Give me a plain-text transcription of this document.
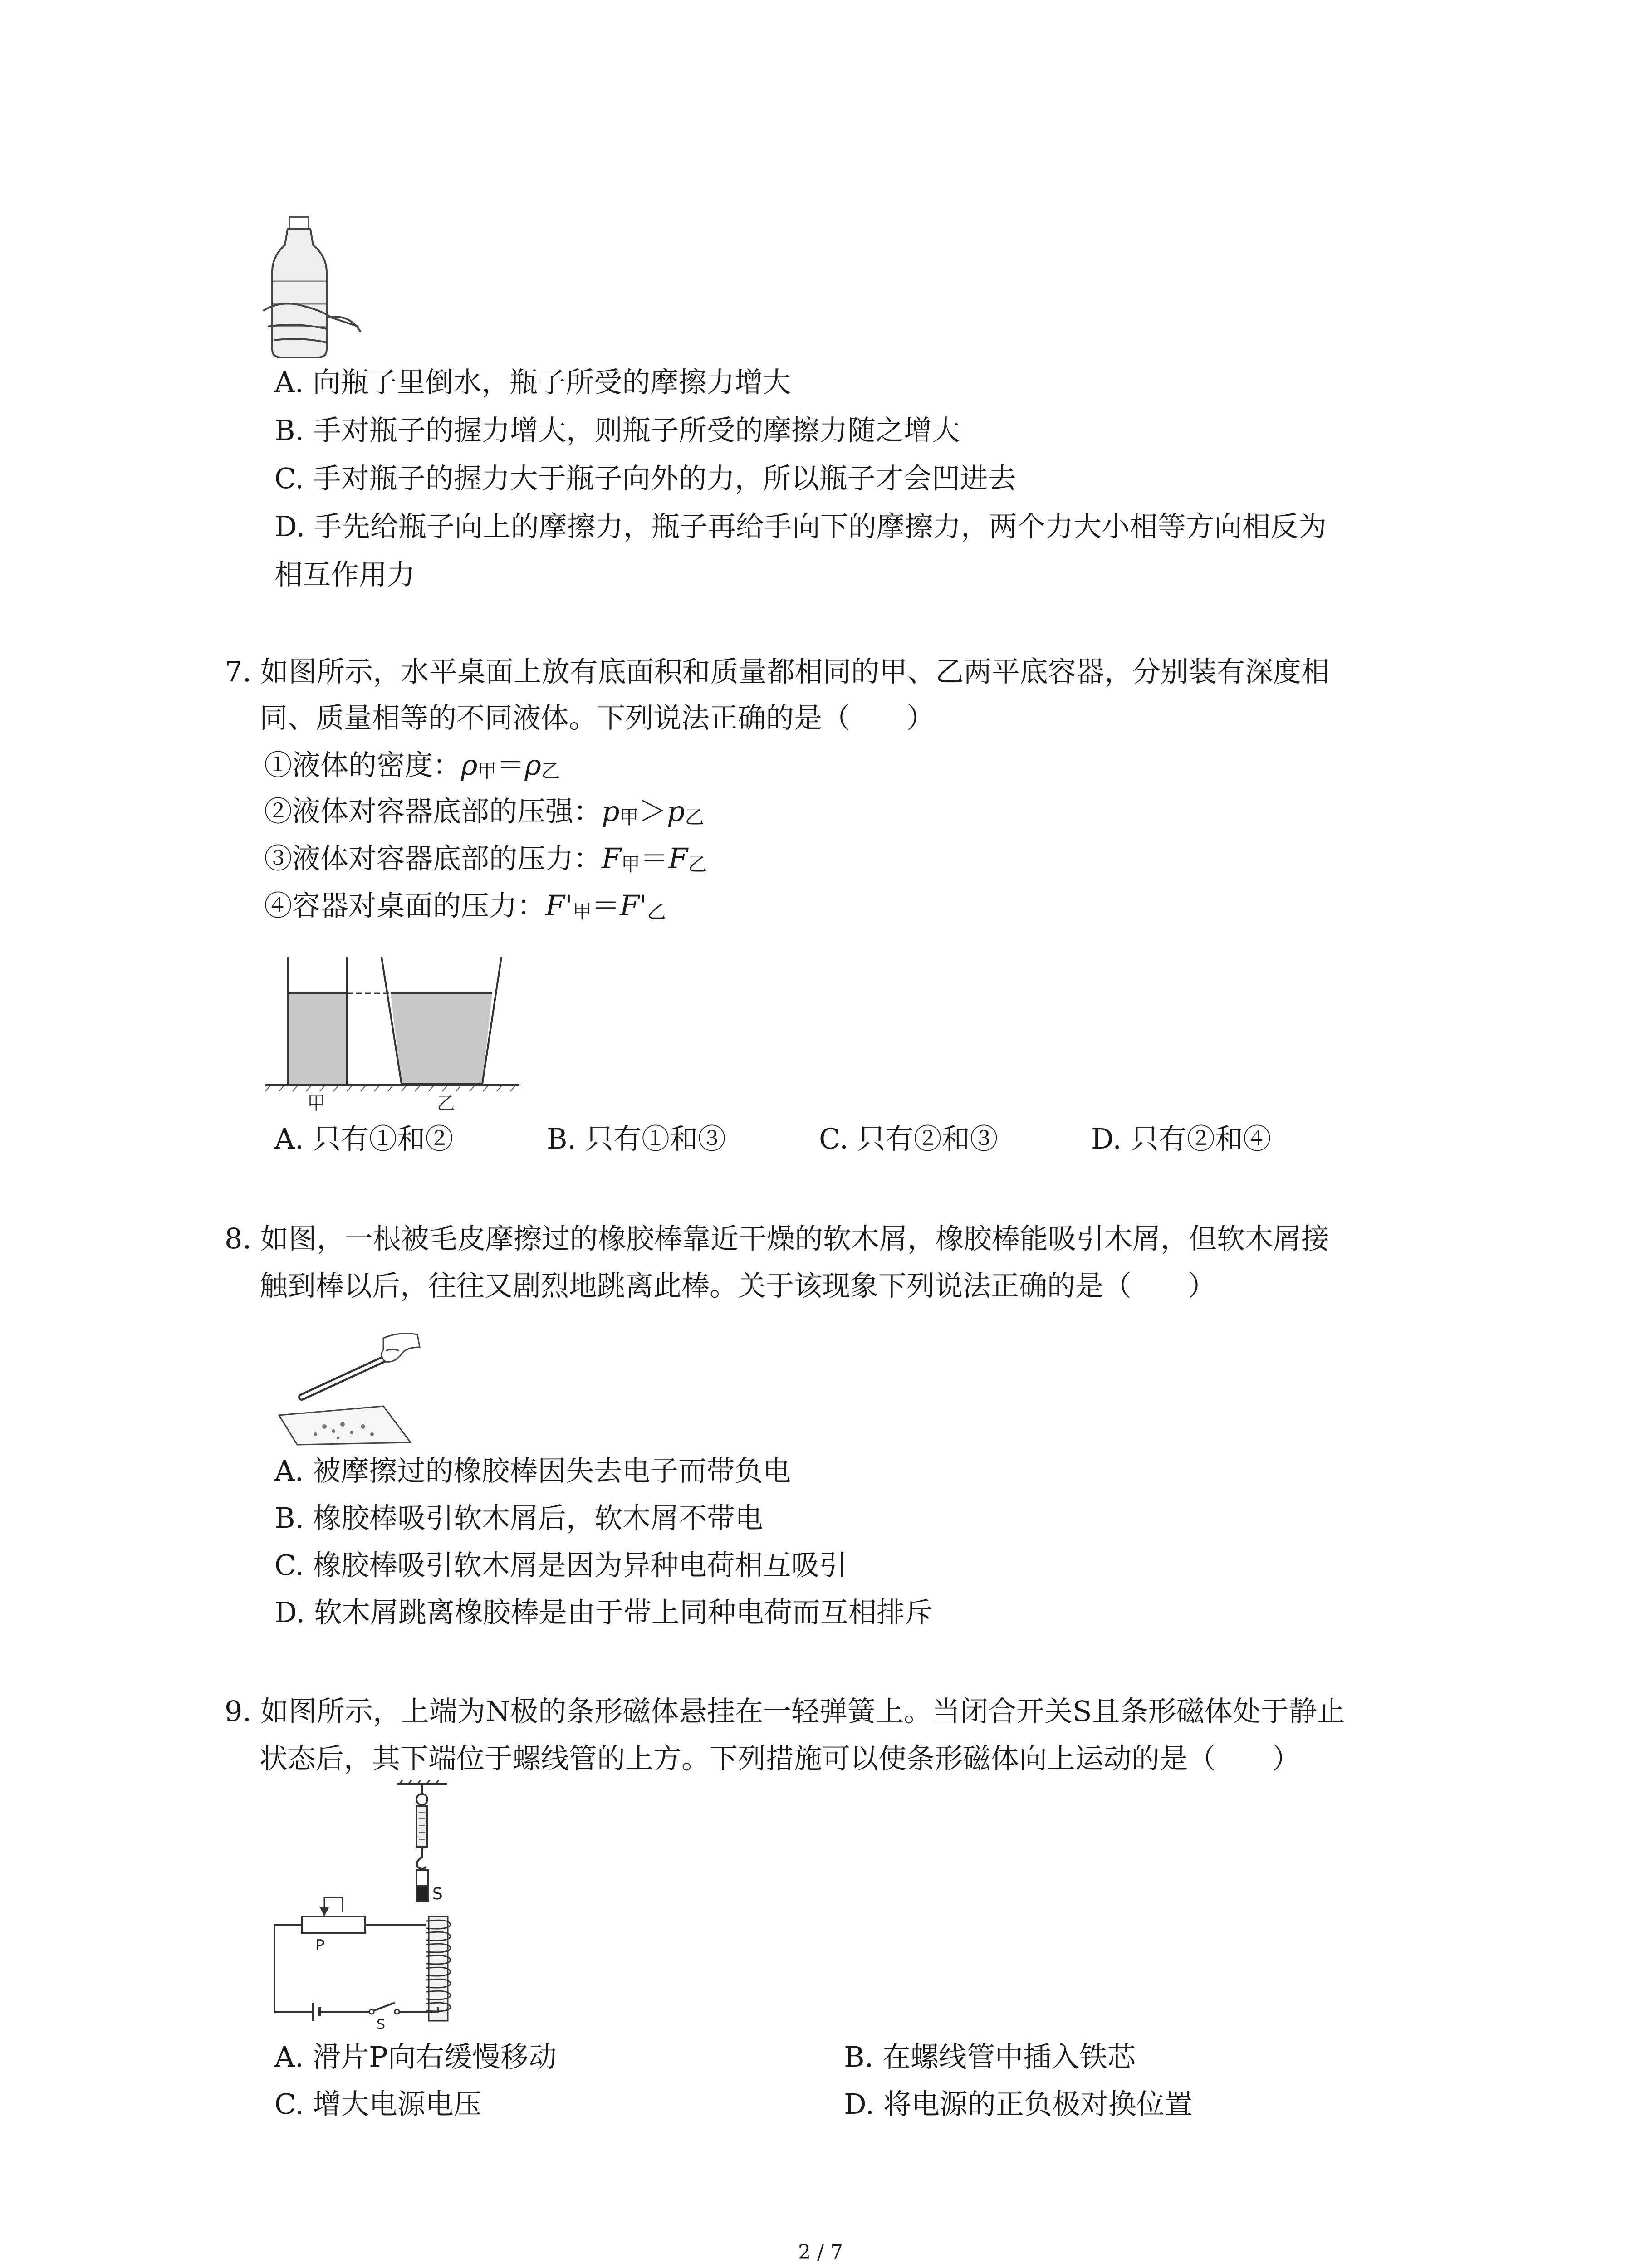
A. 向瓶子里倒水，瓶子所受的摩擦力增大
B. 手对瓶子的握力增大，则瓶子所受的摩擦力随之增大
C. 手对瓶子的握力大于瓶子向外的力，所以瓶子才会凹进去
D. 手先给瓶子向上的摩擦力，瓶子再给手向下的摩擦力，两个力大小相等方向相反为
相互作用力
7. 如图所示，水平桌面上放有底面积和质量都相同的甲、乙两平底容器，分别装有深度相
同、质量相等的不同液体。下列说法正确的是（　　）
①液体的密度：$\rho_甲=\rho_乙$
②液体对容器底部的压强：$p_甲>p_乙$
③液体对容器底部的压力：$F_甲=F_乙$
④容器对桌面的压力：$F'_甲=F'_乙$
甲	乙
A. 只有①和②	B. 只有①和③	C. 只有②和③	D. 只有②和④
8. 如图，一根被毛皮摩擦过的橡胶棒靠近干燥的软木屑，橡胶棒能吸引木屑，但软木屑接
触到棒以后，往往又剧烈地跳离此棒。关于该现象下列说法正确的是（　　）
A. 被摩擦过的橡胶棒因失去电子而带负电
B. 橡胶棒吸引软木屑后，软木屑不带电
C. 橡胶棒吸引软木屑是因为异种电荷相互吸引
D. 软木屑跳离橡胶棒是由于带上同种电荷而互相排斥
9. 如图所示，上端为N极的条形磁体悬挂在一轻弹簧上。当闭合开关S且条形磁体处于静止
状态后，其下端位于螺线管的上方。下列措施可以使条形磁体向上运动的是（　　）
S
P
S
A. 滑片P向右缓慢移动	B. 在螺线管中插入铁芯
C. 增大电源电压	D. 将电源的正负极对换位置
2 / 7
